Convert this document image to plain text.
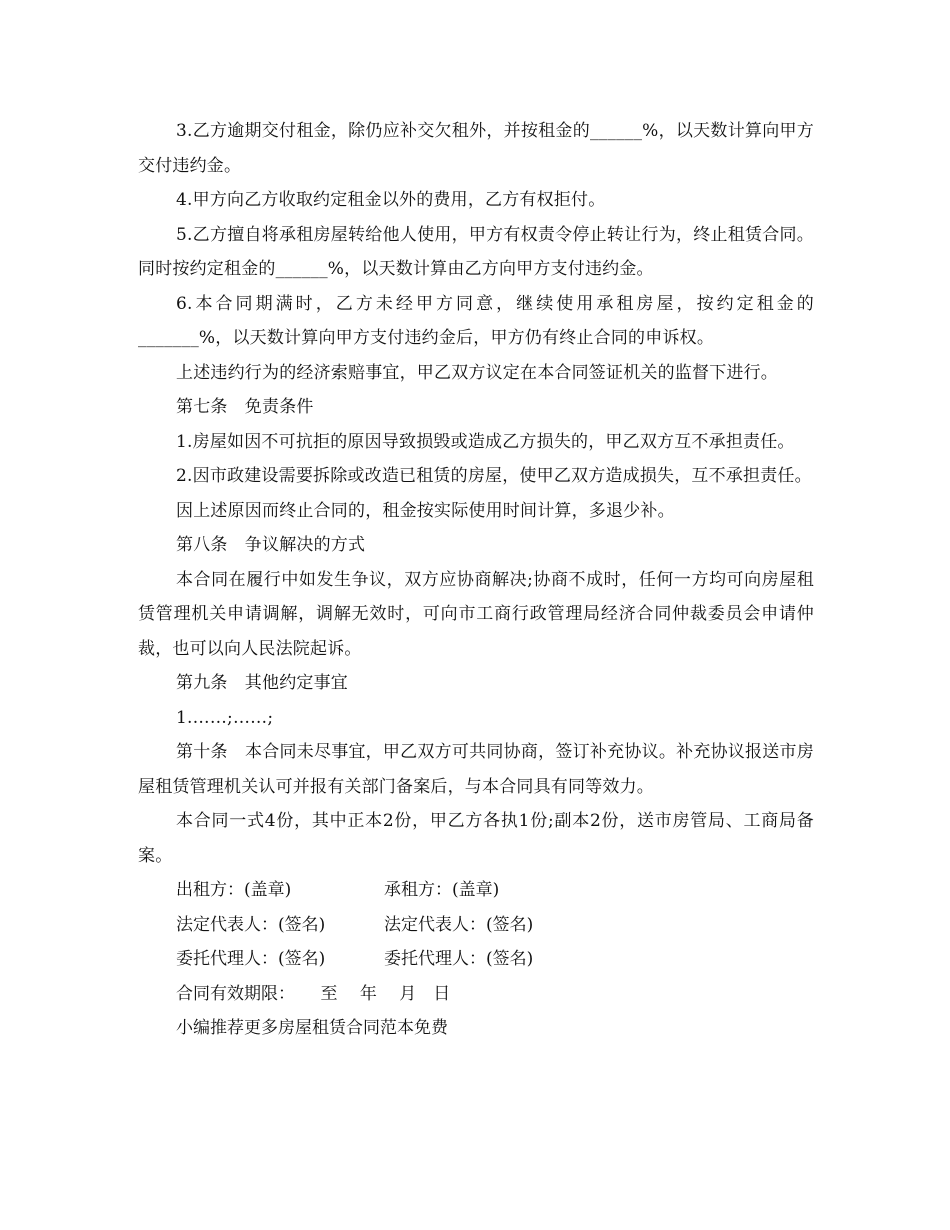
3.乙方逾期交付租金，除仍应补交欠租外，并按租金的______%，以天数计算向甲方交付违约金。

4.甲方向乙方收取约定租金以外的费用，乙方有权拒付。

5.乙方擅自将承租房屋转给他人使用，甲方有权责令停止转让行为，终止租赁合同。同时按约定租金的______%，以天数计算由乙方向甲方支付违约金。

6.本合同期满时，乙方未经甲方同意，继续使用承租房屋，按约定租金的_______%，以天数计算向甲方支付违约金后，甲方仍有终止合同的申诉权。

上述违约行为的经济索赔事宜，甲乙双方议定在本合同签证机关的监督下进行。

第七条　免责条件

1.房屋如因不可抗拒的原因导致损毁或造成乙方损失的，甲乙双方互不承担责任。

2.因市政建设需要拆除或改造已租赁的房屋，使甲乙双方造成损失，互不承担责任。

因上述原因而终止合同的，租金按实际使用时间计算，多退少补。

第八条　争议解决的方式

本合同在履行中如发生争议，双方应协商解决;协商不成时，任何一方均可向房屋租赁管理机关申请调解，调解无效时，可向市工商行政管理局经济合同仲裁委员会申请仲裁，也可以向人民法院起诉。

第九条　其他约定事宜

1.……;……;

第十条　本合同未尽事宜，甲乙双方可共同协商，签订补充协议。补充协议报送市房屋租赁管理机关认可并报有关部门备案后，与本合同具有同等效力。

本合同一式4份，其中正本2份，甲乙方各执1份;副本2份，送市房管局、工商局备案。

出租方：(盖章)	承租方：(盖章)

法定代表人：(签名)	法定代表人：(签名)

委托代理人：(签名)	委托代理人：(签名)

合同有效期限：　　至　 年　 月　日

小编推荐更多房屋租赁合同范本免费
